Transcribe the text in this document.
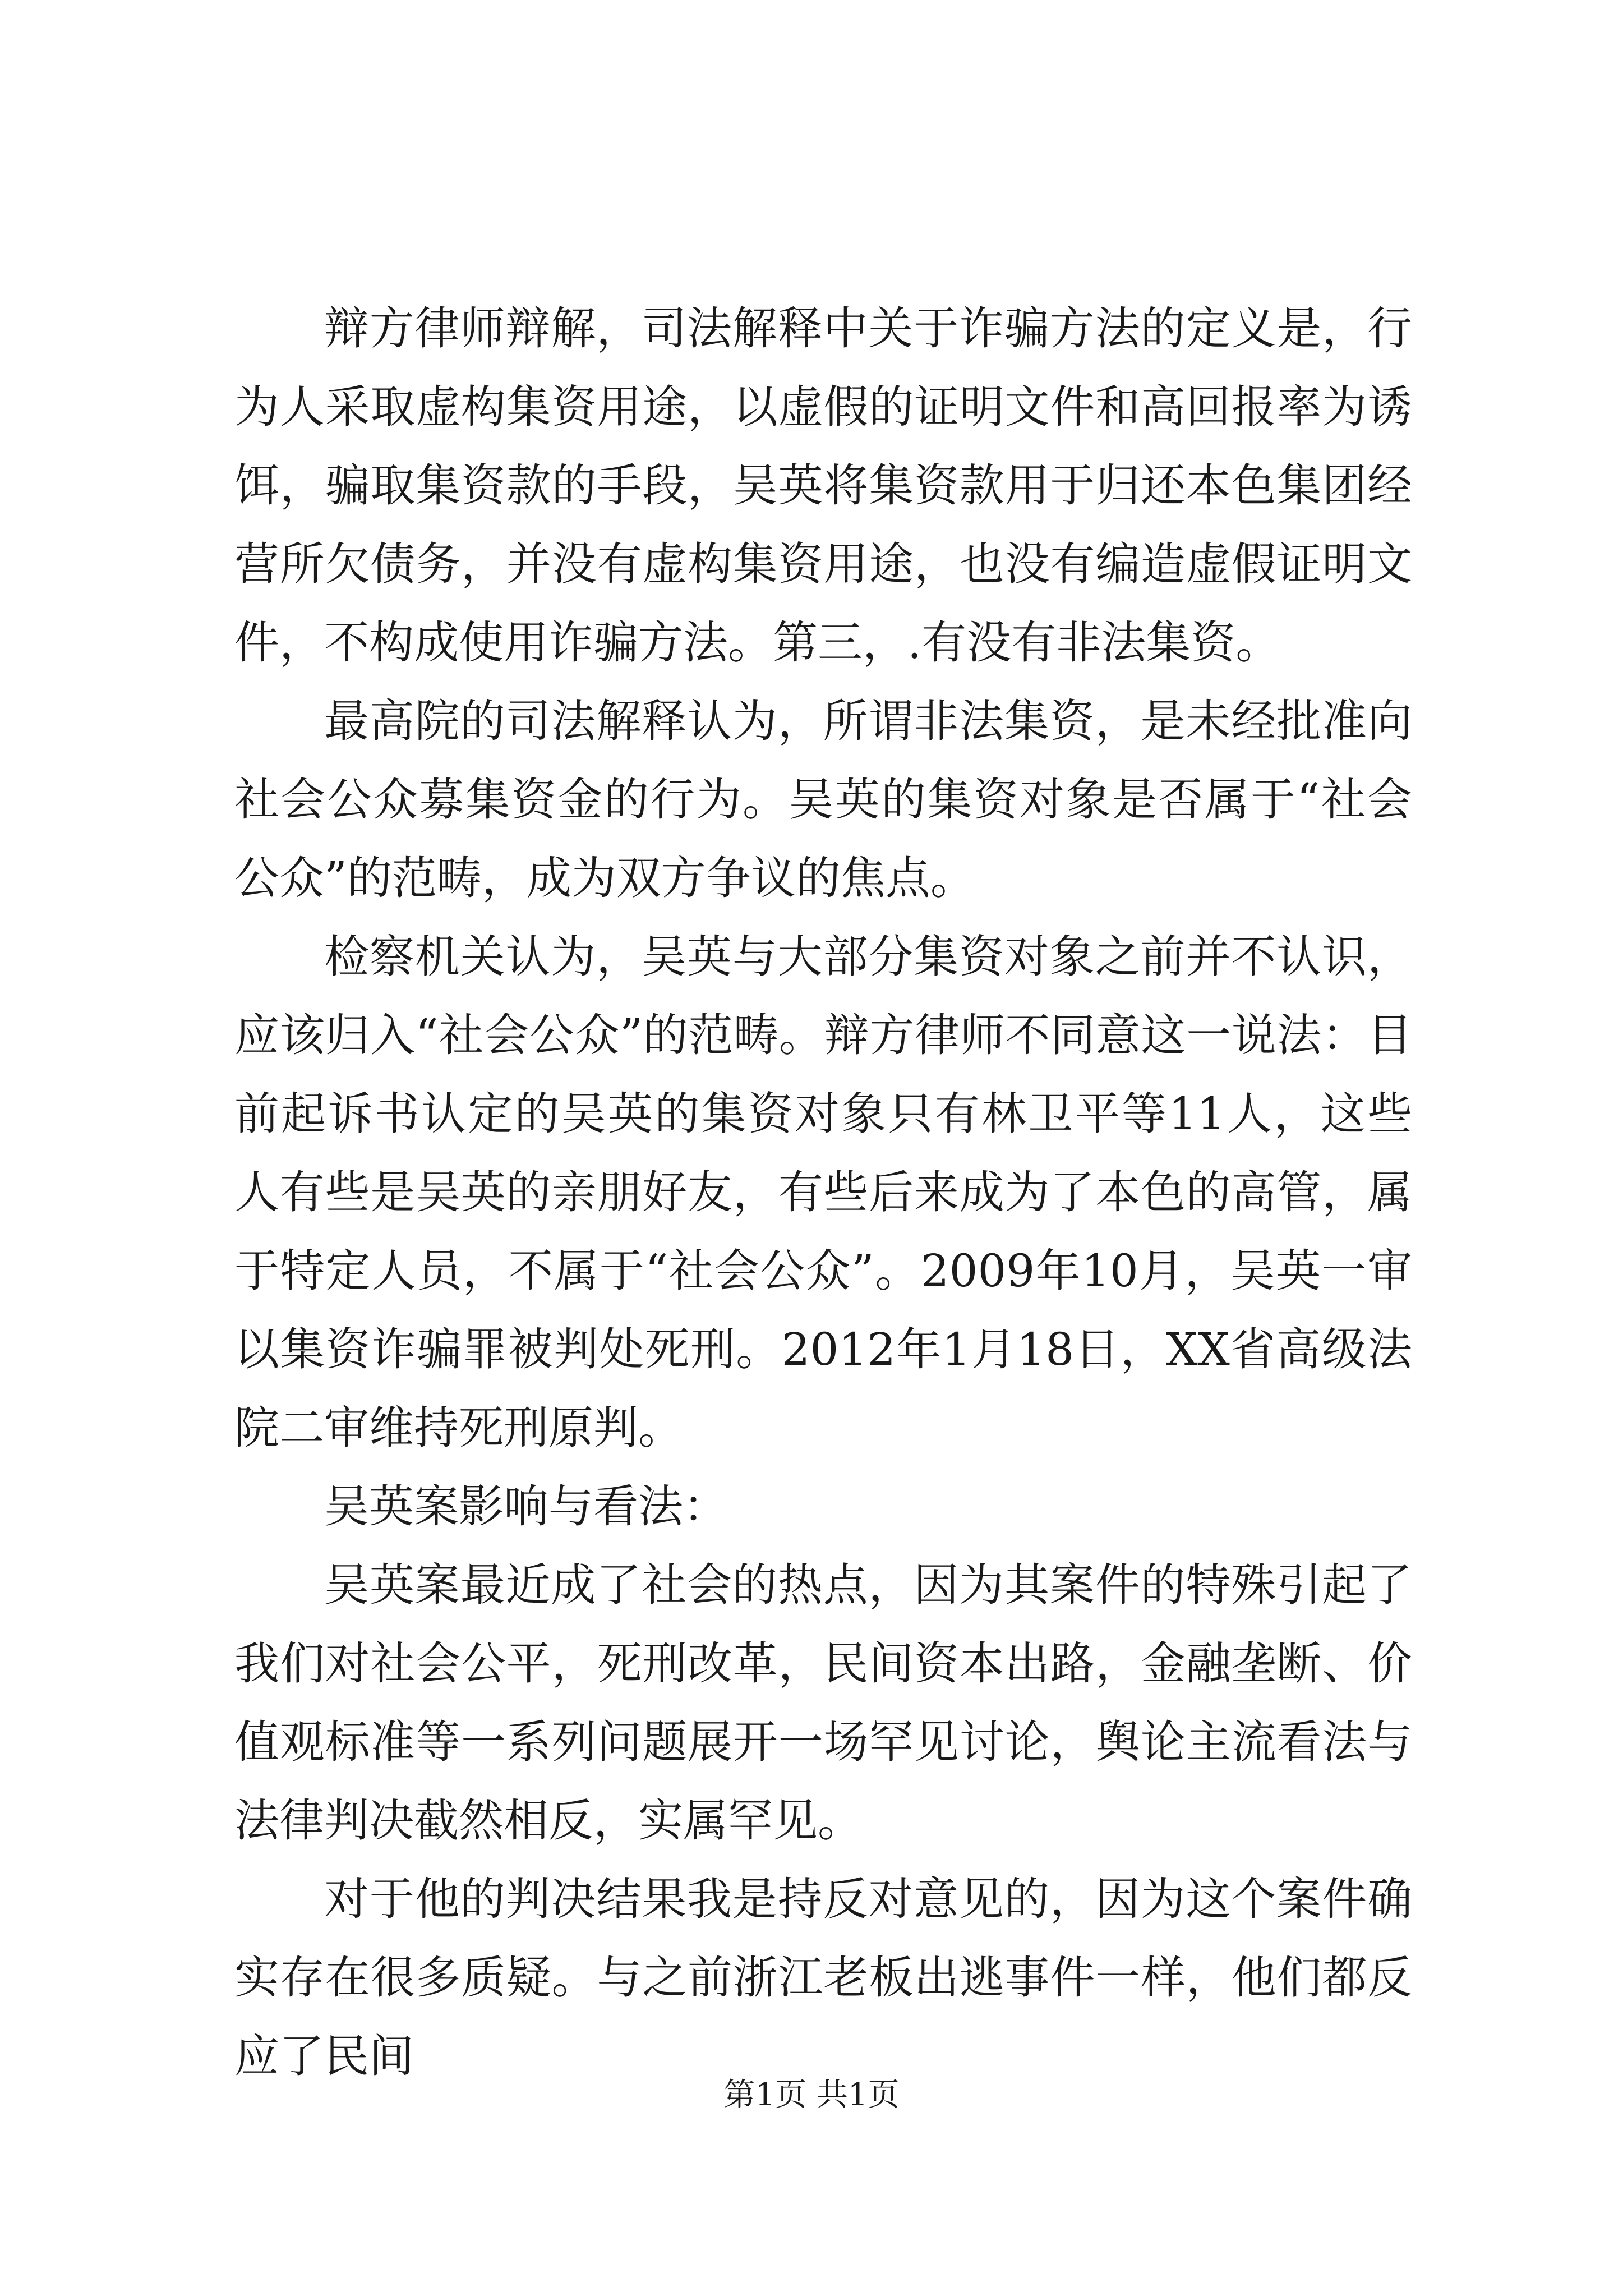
辩方律师辩解，司法解释中关于诈骗方法的定义是，行为人采取虚构集资用途，以虚假的证明文件和高回报率为诱饵，骗取集资款的手段，吴英将集资款用于归还本色集团经营所欠债务，并没有虚构集资用途，也没有编造虚假证明文件，不构成使用诈骗方法。第三，.有没有非法集资。

最高院的司法解释认为，所谓非法集资，是未经批准向社会公众募集资金的行为。吴英的集资对象是否属于“社会公众”的范畴，成为双方争议的焦点。

检察机关认为，吴英与大部分集资对象之前并不认识，应该归入“社会公众”的范畴。辩方律师不同意这一说法：目前起诉书认定的吴英的集资对象只有林卫平等11人，这些人有些是吴英的亲朋好友，有些后来成为了本色的高管，属于特定人员，不属于“社会公众”。2009年10月，吴英一审以集资诈骗罪被判处死刑。2012年1月18日，XX省高级法院二审维持死刑原判。

吴英案影响与看法：

吴英案最近成了社会的热点，因为其案件的特殊引起了我们对社会公平，死刑改革，民间资本出路，金融垄断、价值观标准等一系列问题展开一场罕见讨论，舆论主流看法与法律判决截然相反，实属罕见。

对于他的判决结果我是持反对意见的，因为这个案件确实存在很多质疑。与之前浙江老板出逃事件一样，他们都反应了民间

第1页 共1页
